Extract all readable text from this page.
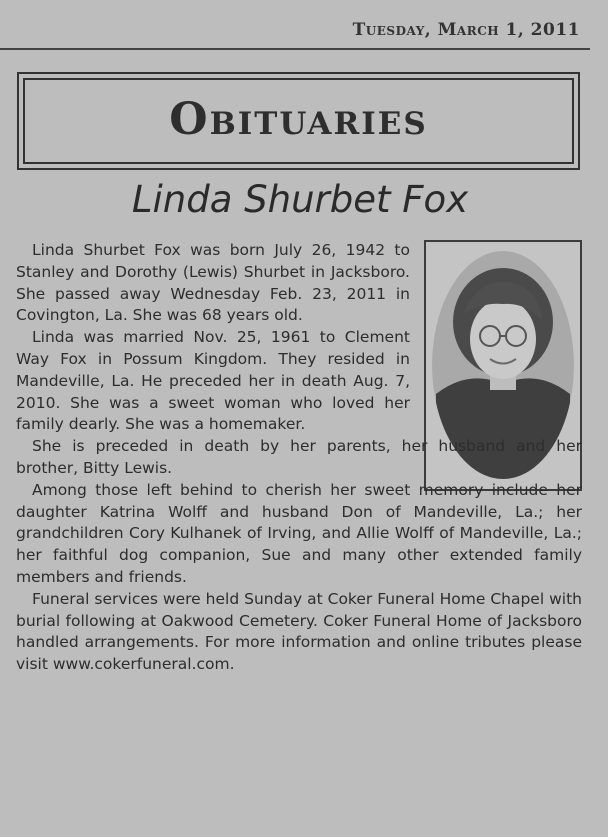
Tuesday, March 1, 2011
Obituaries
Linda Shurbet Fox

Linda Shurbet Fox was born July 26, 1942 to Stanley and Dorothy (Lewis) Shurbet in Jacksboro. She passed away Wednesday Feb. 23, 2011 in Covington, La. She was 68 years old.

Linda was married Nov. 25, 1961 to Clement Way Fox in Possum Kingdom. They resided in Mandeville, La. He preceded her in death Aug. 7, 2010. She was a sweet woman who loved her family dearly. She was a homemaker.

She is preceded in death by her parents, her husband and her brother, Bitty Lewis.

Among those left behind to cherish her sweet memory include her daughter Katrina Wolff and husband Don of Mandeville, La.; her grandchildren Cory Kulhanek of Irving, and Allie Wolff of Mandeville, La.; her faithful dog companion, Sue and many other extended family members and friends.

Funeral services were held Sunday at Coker Funeral Home Chapel with burial following at Oakwood Cemetery. Coker Funeral Home of Jacksboro handled arrangements. For more information and online tributes please visit www.cokerfuneral.com.
